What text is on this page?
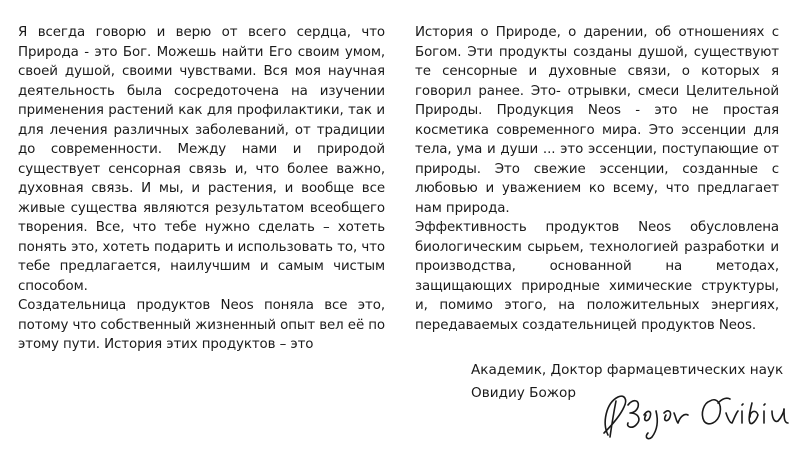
Я всегда говорю и верю от всего сердца, что Природа - это Бог. Можешь найти Его своим умом, своей душой, своими чувствами. Вся моя научная деятельность была сосредоточена на изучении применения растений как для профилактики, так и для лечения различных заболеваний, от традиции до современности. Между нами и природой существует сенсорная связь и, что более важно, духовная связь. И мы, и растения, и вообще все живые существа являются результатом всеобщего творения. Все, что тебе нужно сделать – хотеть понять это, хотеть подарить и использовать то, что тебе предлагается, наилучшим и самым чистым способом.

Создательница продуктов Neos поняла все это, потому что собственный жизненный опыт вел её по этому пути. История этих продуктов – это

История о Природе, о дарении, об отношениях с Богом. Эти продукты созданы душой, существуют те сенсорные и духовные связи, о которых я говорил ранее. Это- отрывки, смеси Целительной Природы. Продукция Neos - это не простая косметика современного мира. Это эссенции для тела, ума и души ... это эссенции, поступающие от природы. Это свежие эссенции, созданные с любовью и уважением ко всему, что предлагает нам природа.

Эффективность продуктов Neos обусловлена биологическим сырьем, технологией разработки и производства, основанной на методах, защищающих природные химические структуры, и, помимо этого, на положительных энергиях, передаваемых создательницей продуктов Neos.

Академик, Доктор фармацевтических наук
Овидиу Божор
